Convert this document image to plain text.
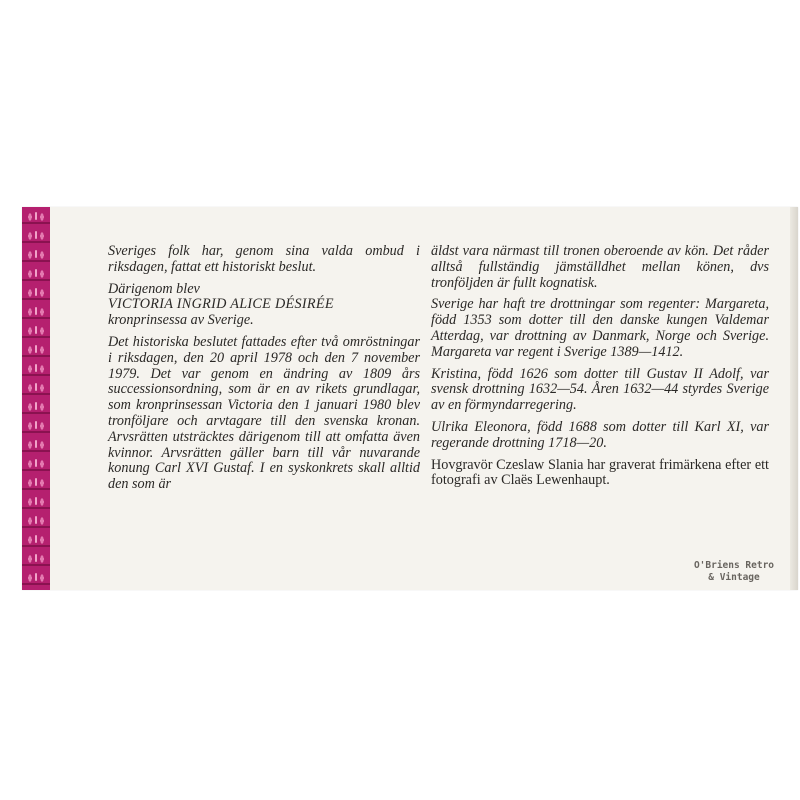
Sveriges folk har, genom sina valda ombud i riksdagen, fattat ett historiskt beslut.

Därigenom blev
VICTORIA INGRID ALICE DÉSIRÉE
kronprinsessa av Sverige.

Det historiska beslutet fattades efter två omröstningar i riksdagen, den 20 april 1978 och den 7 november 1979. Det var genom en ändring av 1809 års successionsordning, som är en av rikets grundlagar, som kronprinsessan Victoria den 1 januari 1980 blev tronföljare och arvtagare till den svenska kronan. Arvsrätten utsträcktes därigenom till att omfatta även kvinnor. Arvsrätten gäller barn till vår nuvarande konung Carl XVI Gustaf. I en syskonkrets skall alltid den som är

äldst vara närmast till tronen oberoende av kön. Det råder alltså fullständig jämställdhet mellan könen, dvs tronföljden är fullt kognatisk.

Sverige har haft tre drottningar som regenter: Margareta, född 1353 som dotter till den danske kungen Valdemar Atterdag, var drottning av Danmark, Norge och Sverige. Margareta var regent i Sverige 1389—1412.

Kristina, född 1626 som dotter till Gustav II Adolf, var svensk drottning 1632—54. Åren 1632—44 styrdes Sverige av en förmyndarregering.

Ulrika Eleonora, född 1688 som dotter till Karl XI, var regerande drottning 1718—20.

Hovgravör Czeslaw Slania har graverat frimärkena efter ett fotografi av Claës Lewenhaupt.

O'Briens Retro
& Vintage
